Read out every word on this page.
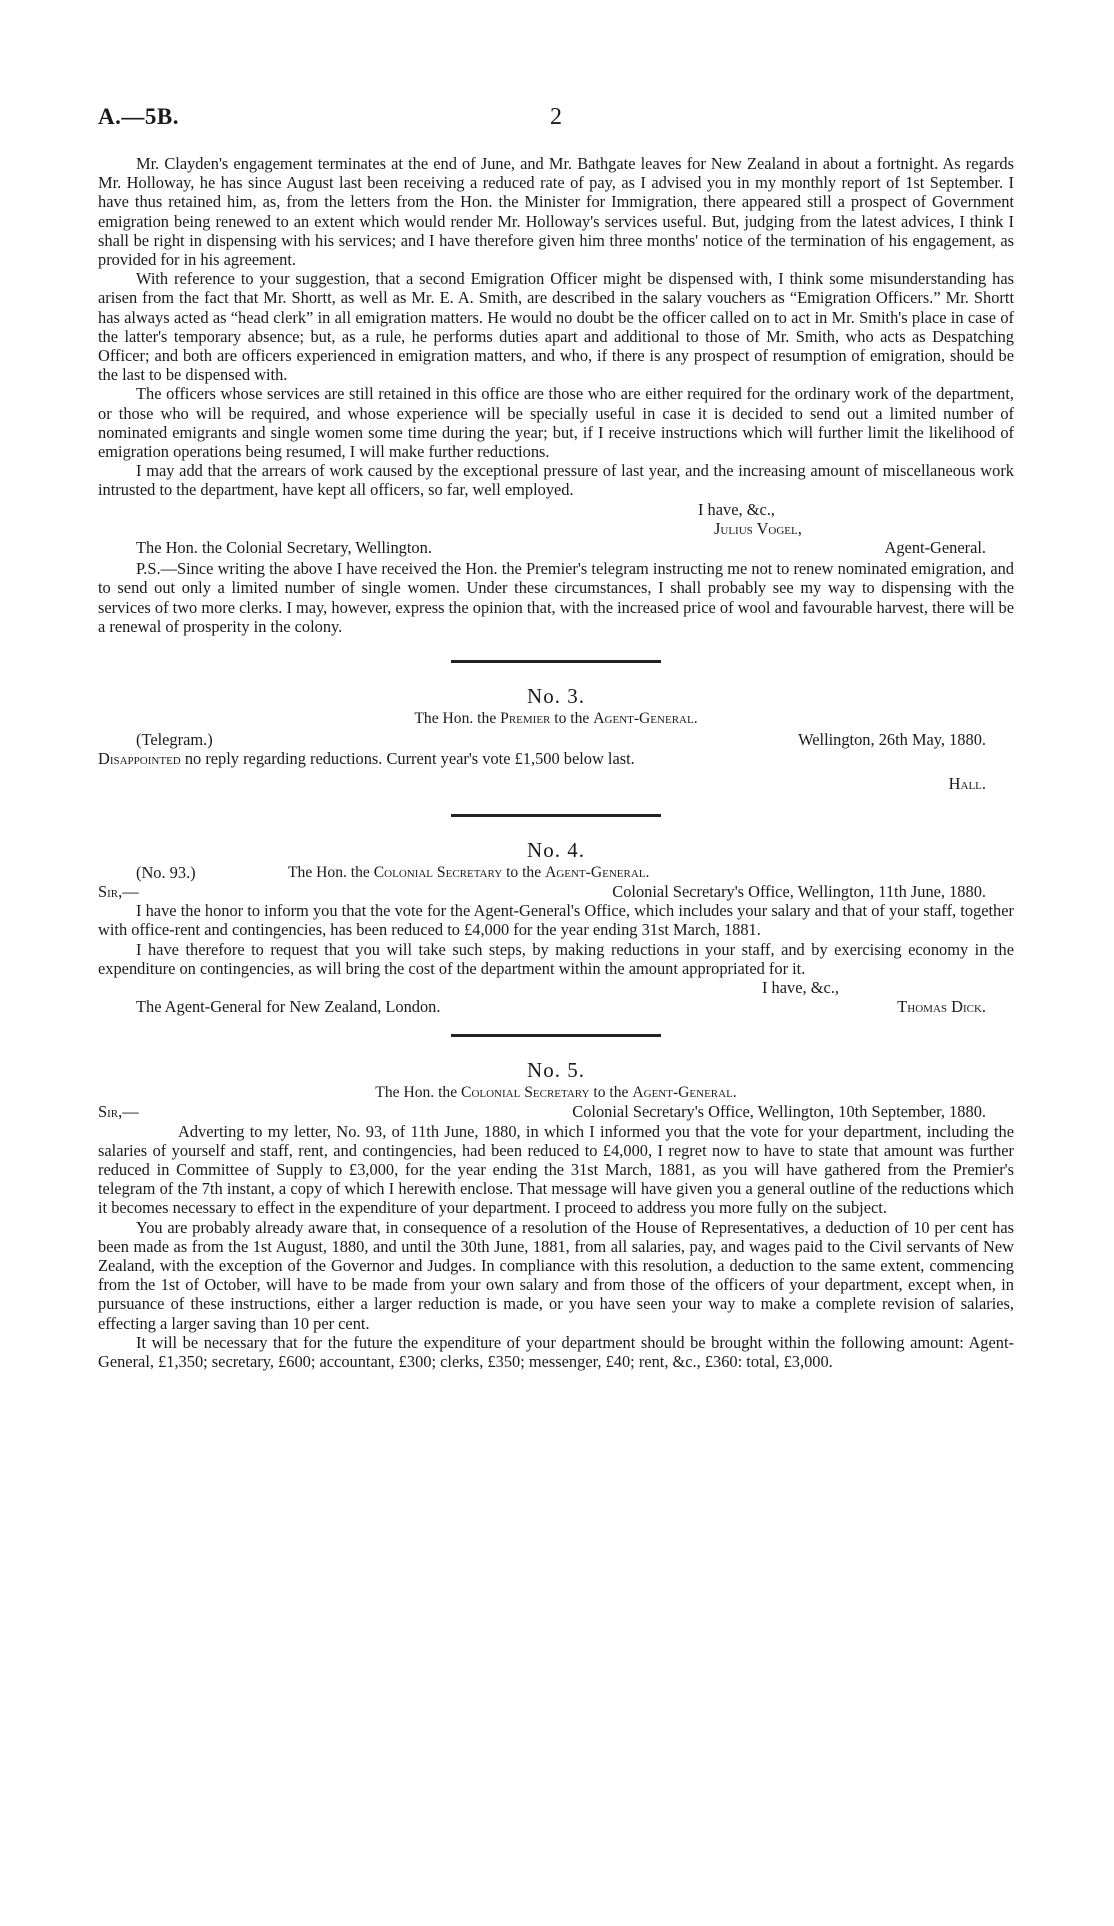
A.—5B.	2

Mr. Clayden's engagement terminates at the end of June, and Mr. Bathgate leaves for New Zealand in about a fortnight. As regards Mr. Holloway, he has since August last been receiving a reduced rate of pay, as I advised you in my monthly report of 1st September. I have thus retained him, as, from the letters from the Hon. the Minister for Immigration, there appeared still a prospect of Government emigration being renewed to an extent which would render Mr. Holloway's services useful. But, judging from the latest advices, I think I shall be right in dispensing with his services; and I have therefore given him three months' notice of the termination of his engagement, as provided for in his agreement.

With reference to your suggestion, that a second Emigration Officer might be dispensed with, I think some misunderstanding has arisen from the fact that Mr. Shortt, as well as Mr. E. A. Smith, are described in the salary vouchers as “Emigration Officers.” Mr. Shortt has always acted as “head clerk” in all emigration matters. He would no doubt be the officer called on to act in Mr. Smith's place in case of the latter's temporary absence; but, as a rule, he performs duties apart and additional to those of Mr. Smith, who acts as Despatching Officer; and both are officers experienced in emigration matters, and who, if there is any prospect of resumption of emigration, should be the last to be dispensed with.

The officers whose services are still retained in this office are those who are either required for the ordinary work of the department, or those who will be required, and whose experience will be specially useful in case it is decided to send out a limited number of nominated emigrants and single women some time during the year; but, if I receive instructions which will further limit the likelihood of emigration operations being resumed, I will make further reductions.

I may add that the arrears of work caused by the exceptional pressure of last year, and the increasing amount of miscellaneous work intrusted to the department, have kept all officers, so far, well employed.

I have, &c.,

Julius Vogel,

The Hon. the Colonial Secretary, Wellington.	Agent-General.

P.S.—Since writing the above I have received the Hon. the Premier's telegram instructing me not to renew nominated emigration, and to send out only a limited number of single women. Under these circumstances, I shall probably see my way to dispensing with the services of two more clerks. I may, however, express the opinion that, with the increased price of wool and favourable harvest, there will be a renewal of prosperity in the colony.

No. 3.
The Hon. the Premier to the Agent-General.
(Telegram.)	Wellington, 26th May, 1880.

Disappointed no reply regarding reductions. Current year's vote £1,500 below last.

Hall.

No. 4.
(No. 93.)	The Hon. the Colonial Secretary to the Agent-General.
Sir,—	Colonial Secretary's Office, Wellington, 11th June, 1880.

I have the honor to inform you that the vote for the Agent-General's Office, which includes your salary and that of your staff, together with office-rent and contingencies, has been reduced to £4,000 for the year ending 31st March, 1881.

I have therefore to request that you will take such steps, by making reductions in your staff, and by exercising economy in the expenditure on contingencies, as will bring the cost of the department within the amount appropriated for it.

I have, &c.,

The Agent-General for New Zealand, London.	Thomas Dick.
No. 5.
The Hon. the Colonial Secretary to the Agent-General.
Sir,—	Colonial Secretary's Office, Wellington, 10th September, 1880.

Adverting to my letter, No. 93, of 11th June, 1880, in which I informed you that the vote for your department, including the salaries of yourself and staff, rent, and contingencies, had been reduced to £4,000, I regret now to have to state that amount was further reduced in Committee of Supply to £3,000, for the year ending the 31st March, 1881, as you will have gathered from the Premier's telegram of the 7th instant, a copy of which I herewith enclose. That message will have given you a general outline of the reductions which it becomes necessary to effect in the expenditure of your department. I proceed to address you more fully on the subject.

You are probably already aware that, in consequence of a resolution of the House of Representatives, a deduction of 10 per cent has been made as from the 1st August, 1880, and until the 30th June, 1881, from all salaries, pay, and wages paid to the Civil servants of New Zealand, with the exception of the Governor and Judges. In compliance with this resolution, a deduction to the same extent, commencing from the 1st of October, will have to be made from your own salary and from those of the officers of your department, except when, in pursuance of these instructions, either a larger reduction is made, or you have seen your way to make a complete revision of salaries, effecting a larger saving than 10 per cent.

It will be necessary that for the future the expenditure of your department should be brought within the following amount: Agent-General, £1,350; secretary, £600; accountant, £300; clerks, £350; messenger, £40; rent, &c., £360: total, £3,000.
